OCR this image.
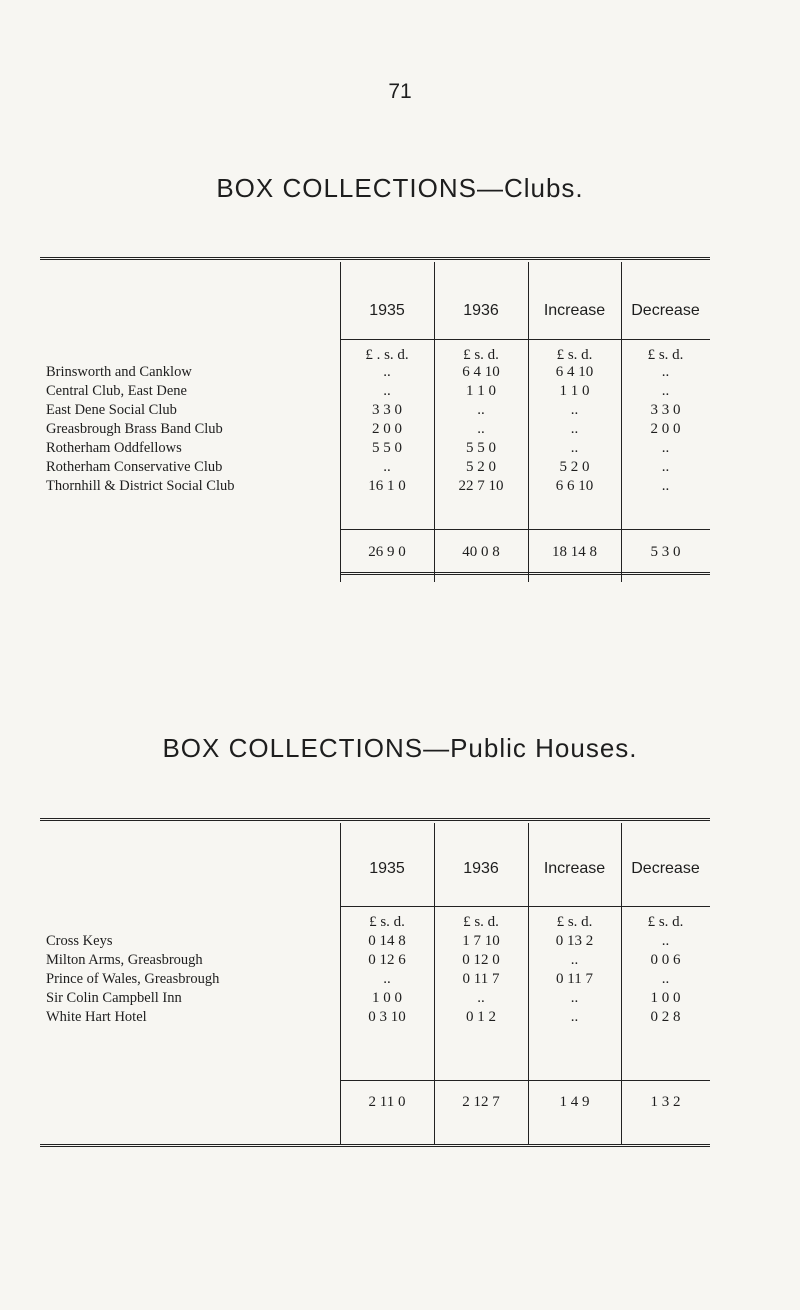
71
BOX COLLECTIONS—Clubs.
1935	1936	Increase	Decrease
£ . s. d.	£ s. d.	£ s. d.	£ s. d.
Brinsworth and Canklow	..	6 4 10	6 4 10	..
Central Club, East Dene	..	1 1 0	1 1 0	..
East Dene Social Club	3 3 0	..	..	3 3 0
Greasbrough Brass Band Club	2 0 0	..	..	2 0 0
Rotherham Oddfellows	5 5 0	5 5 0	..	..
Rotherham Conservative Club	..	5 2 0	5 2 0	..
Thornhill & District Social Club	16 1 0	22 7 10	6 6 10	..
26 9 0	40 0 8	18 14 8	5 3 0
BOX COLLECTIONS—Public Houses.
1935	1936	Increase	Decrease
£ s. d.	£ s. d.	£ s. d.	£ s. d.
Cross Keys	0 14 8	1 7 10	0 13 2	..
Milton Arms, Greasbrough	0 12 6	0 12 0	..	0 0 6
Prince of Wales, Greasbrough	..	0 11 7	0 11 7	..
Sir Colin Campbell Inn	1 0 0	..	..	1 0 0
White Hart Hotel	0 3 10	0 1 2	..	0 2 8
2 11 0	2 12 7	1 4 9	1 3 2
